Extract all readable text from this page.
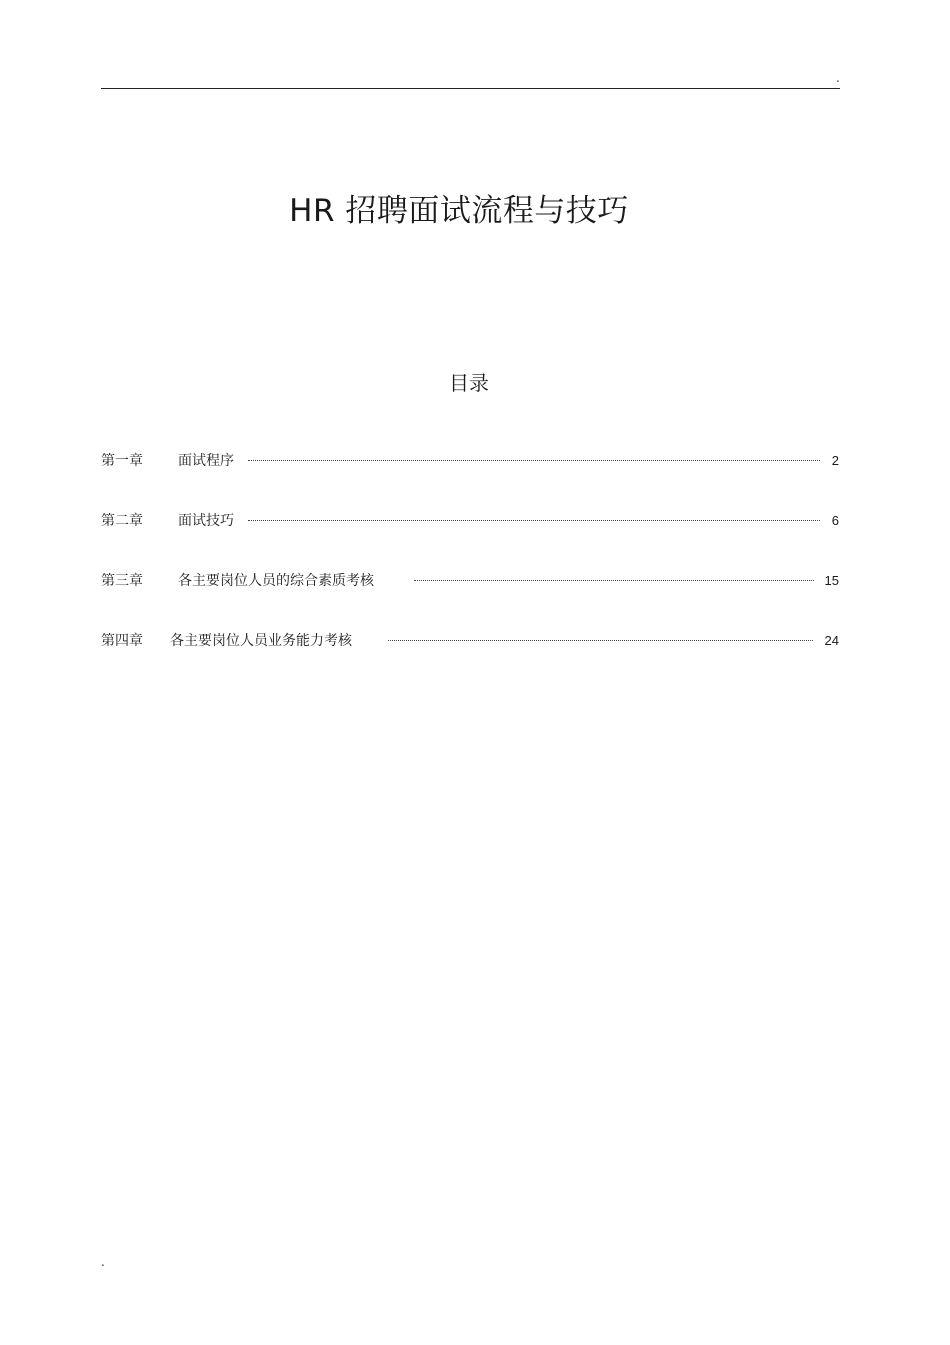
.
HR 招聘面试流程与技巧
目录
第一章	面试程序	2
第二章	面试技巧	6
第三章	各主要岗位人员的综合素质考核	15
第四章 各主要岗位人员业务能力考核	24
.
